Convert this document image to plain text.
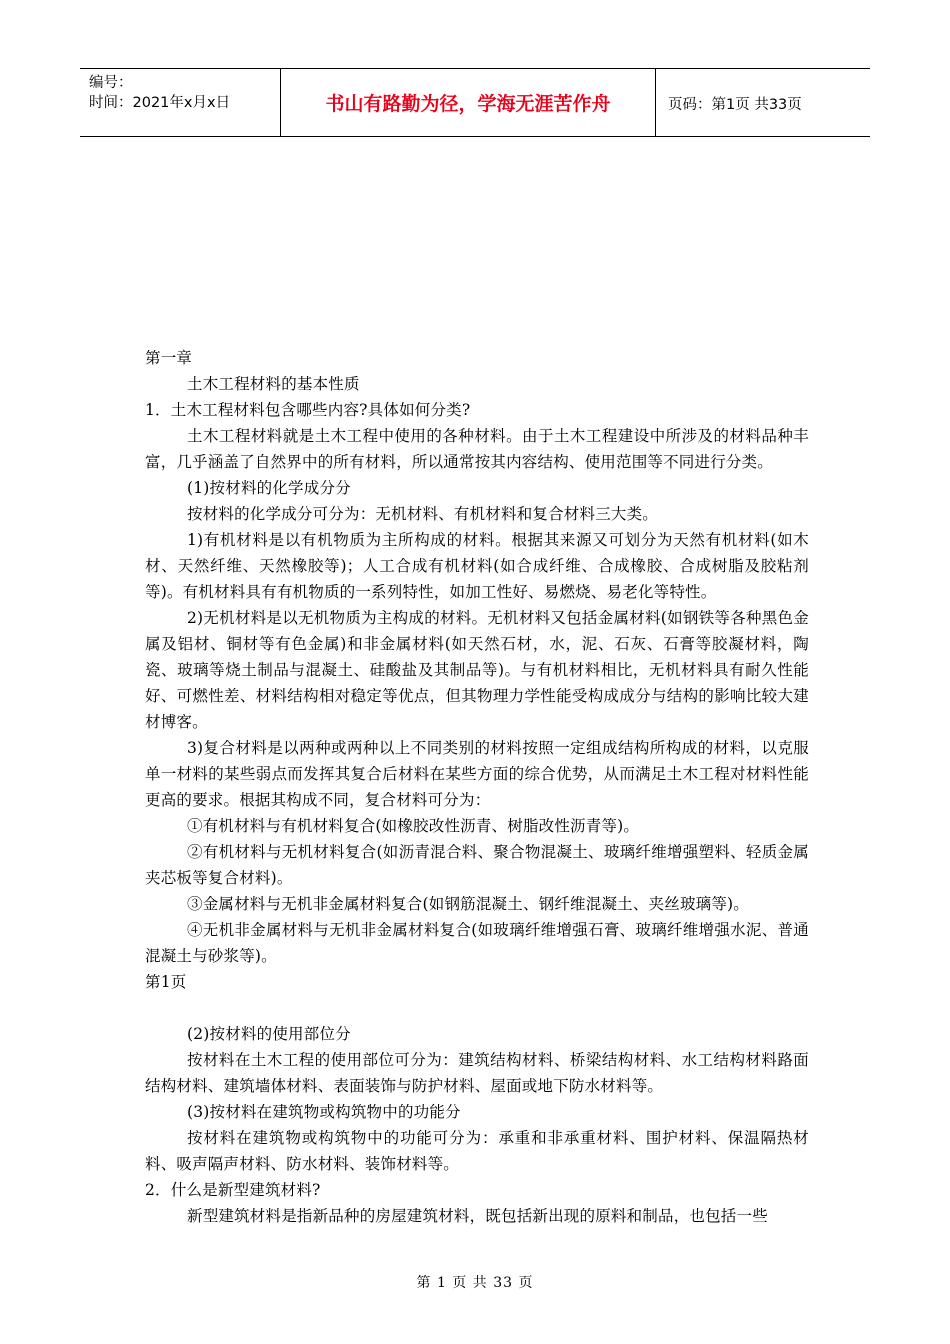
编号：
时间：2021年x月x日	书山有路勤为径，学海无涯苦作舟	页码：第1页 共33页
第一章
土木工程材料的基本性质
1．土木工程材料包含哪些内容?具体如何分类?
土木工程材料就是土木工程中使用的各种材料。由于土木工程建设中所涉及的材料品种丰富，几乎涵盖了自然界中的所有材料，所以通常按其内容结构、使用范围等不同进行分类。
(1)按材料的化学成分分
按材料的化学成分可分为：无机材料、有机材料和复合材料三大类。
1)有机材料是以有机物质为主所构成的材料。根据其来源又可划分为天然有机材料(如木材、天然纤维、天然橡胶等)；人工合成有机材料(如合成纤维、合成橡胶、合成树脂及胶粘剂等)。有机材料具有有机物质的一系列特性，如加工性好、易燃烧、易老化等特性。
2)无机材料是以无机物质为主构成的材料。无机材料又包括金属材料(如钢铁等各种黑色金属及铝材、铜材等有色金属)和非金属材料(如天然石材，水，泥、石灰、石膏等胶凝材料，陶瓷、玻璃等烧土制品与混凝土、硅酸盐及其制品等)。与有机材料相比，无机材料具有耐久性能好、可燃性差、材料结构相对稳定等优点，但其物理力学性能受构成成分与结构的影响比较大建材博客。
3)复合材料是以两种或两种以上不同类别的材料按照一定组成结构所构成的材料，以克服单一材料的某些弱点而发挥其复合后材料在某些方面的综合优势，从而满足土木工程对材料性能更高的要求。根据其构成不同，复合材料可分为：
①有机材料与有机材料复合(如橡胶改性沥青、树脂改性沥青等)。
②有机材料与无机材料复合(如沥青混合料、聚合物混凝土、玻璃纤维增强塑料、轻质金属夹芯板等复合材料)。
③金属材料与无机非金属材料复合(如钢筋混凝土、钢纤维混凝土、夹丝玻璃等)。
④无机非金属材料与无机非金属材料复合(如玻璃纤维增强石膏、玻璃纤维增强水泥、普通混凝土与砂浆等)。
第1页
(2)按材料的使用部位分
按材料在土木工程的使用部位可分为：建筑结构材料、桥梁结构材料、水工结构材料路面结构材料、建筑墙体材料、表面装饰与防护材料、屋面或地下防水材料等。
(3)按材料在建筑物或构筑物中的功能分
按材料在建筑物或构筑物中的功能可分为：承重和非承重材料、围护材料、保温隔热材料、吸声隔声材料、防水材料、装饰材料等。
2．什么是新型建筑材料?
新型建筑材料是指新品种的房屋建筑材料，既包括新出现的原料和制品，也包括一些
第 1 页 共 33 页
